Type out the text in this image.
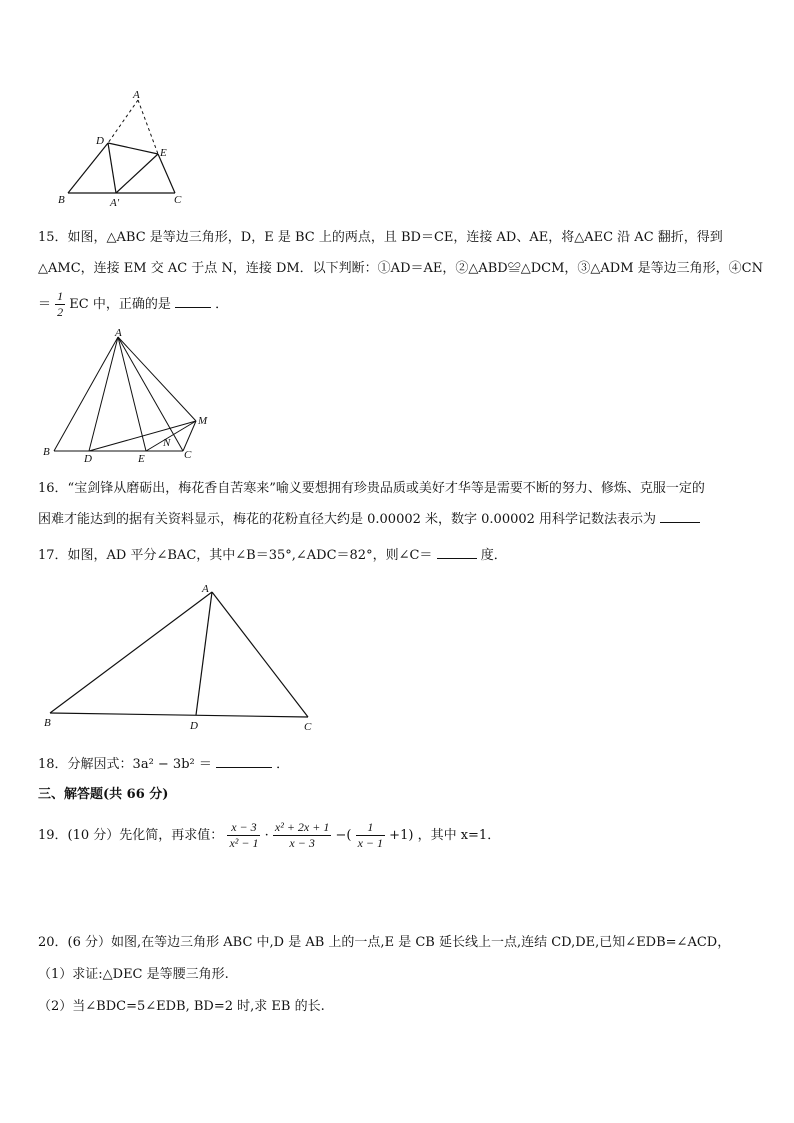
A
D
E
B	A′	C
15．如图，△ABC 是等边三角形，D，E 是 BC 上的两点，且 BD＝CE，连接 AD、AE，将△AEC 沿 AC 翻折，得到
△AMC，连接 EM 交 AC 于点 N，连接 DM．以下判断：①AD＝AE，②△ABD≌△DCM，③△ADM 是等边三角形，④CN
＝ $\frac{1}{2}$ EC 中，正确的是	．
A
M
B
D	E
N
C
16．“宝剑锋从磨砺出，梅花香自苦寒来”喻义要想拥有珍贵品质或美好才华等是需要不断的努力、修炼、克服一定的
困难才能达到的据有关资料显示，梅花的花粉直径大约是 0.00002 米，数字 0.00002 用科学记数法表示为
17．如图，AD 平分∠BAC，其中∠B＝35°,∠ADC＝82°，则∠C＝	度．
A
B	D	C
18．分解因式：3a² − 3b² ＝	．
三、解答题(共 66 分)
19．(10 分）先化简，再求值： $\frac{x - 3}{\text{x² − 1}} \cdot \frac{\text{x² + 2x + 1}}{x - 3}$ −( $\frac{1}{x - 1} +1$) ，其中 x=1．
20．(6 分）如图,在等边三角形 ABC 中,D 是 AB 上的一点,E 是 CB 延长线上一点,连结 CD,DE,已知∠EDB=∠ACD，
（1）求证:△DEC 是等腰三角形.
（2）当∠BDC=5∠EDB, BD=2 时,求 EB 的长.
